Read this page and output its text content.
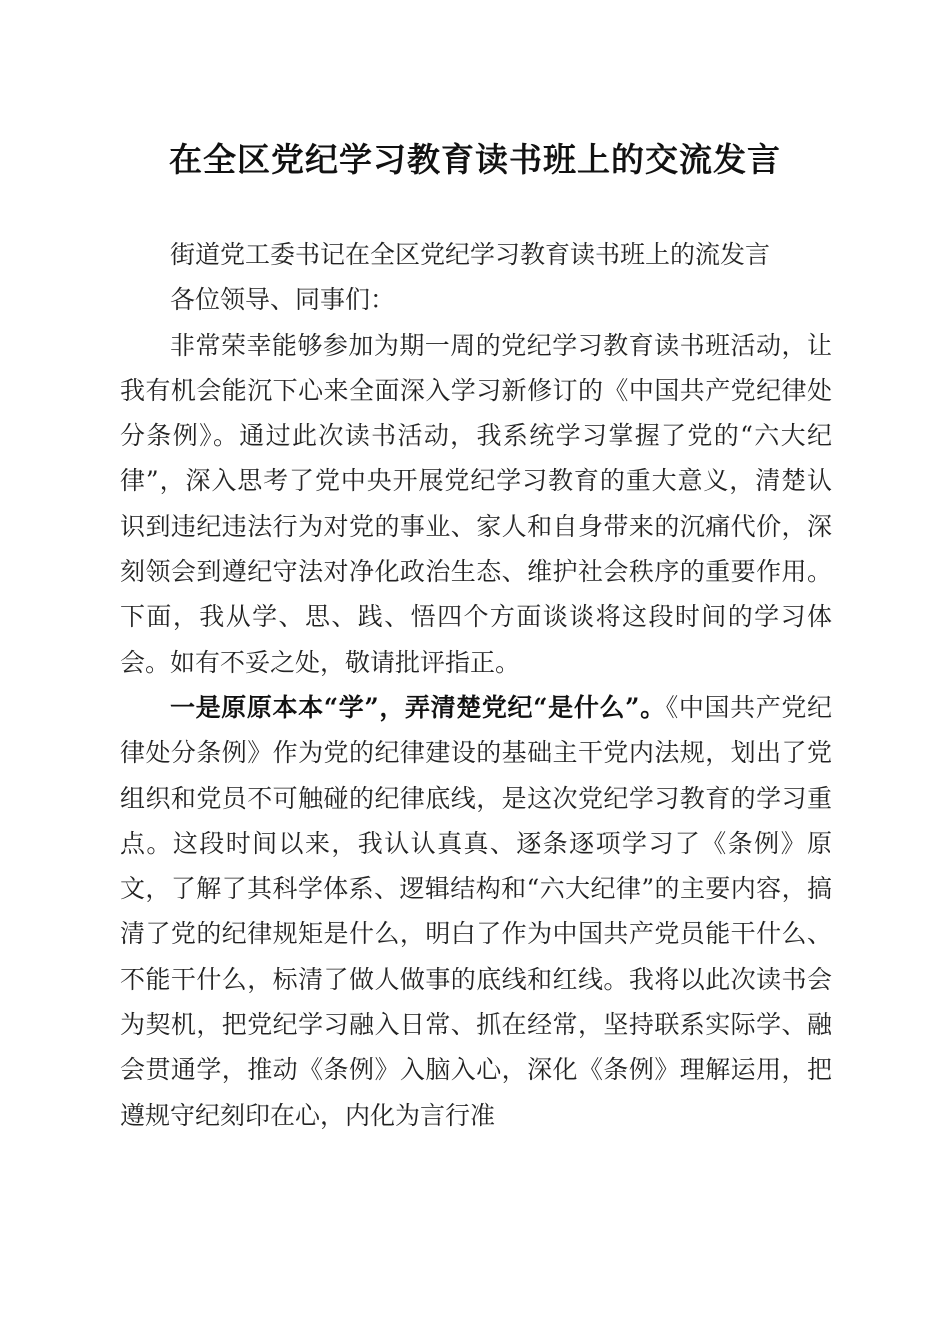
在全区党纪学习教育读书班上的交流发言

街道党工委书记在全区党纪学习教育读书班上的流发言

各位领导、同事们：

非常荣幸能够参加为期一周的党纪学习教育读书班活动，让我有机会能沉下心来全面深入学习新修订的《中国共产党纪律处分条例》。通过此次读书活动，我系统学习掌握了党的“六大纪律”，深入思考了党中央开展党纪学习教育的重大意义，清楚认识到违纪违法行为对党的事业、家人和自身带来的沉痛代价，深刻领会到遵纪守法对净化政治生态、维护社会秩序的重要作用。下面，我从学、思、践、悟四个方面谈谈将这段时间的学习体会。如有不妥之处，敬请批评指正。

一是原原本本“学”，弄清楚党纪“是什么”。《中国共产党纪律处分条例》作为党的纪律建设的基础主干党内法规，划出了党组织和党员不可触碰的纪律底线，是这次党纪学习教育的学习重点。这段时间以来，我认认真真、逐条逐项学习了《条例》原文，了解了其科学体系、逻辑结构和“六大纪律”的主要内容，搞清了党的纪律规矩是什么，明白了作为中国共产党员能干什么、不能干什么，标清了做人做事的底线和红线。我将以此次读书会为契机，把党纪学习融入日常、抓在经常，坚持联系实际学、融会贯通学，推动《条例》入脑入心，深化《条例》理解运用，把遵规守纪刻印在心，内化为言行准
